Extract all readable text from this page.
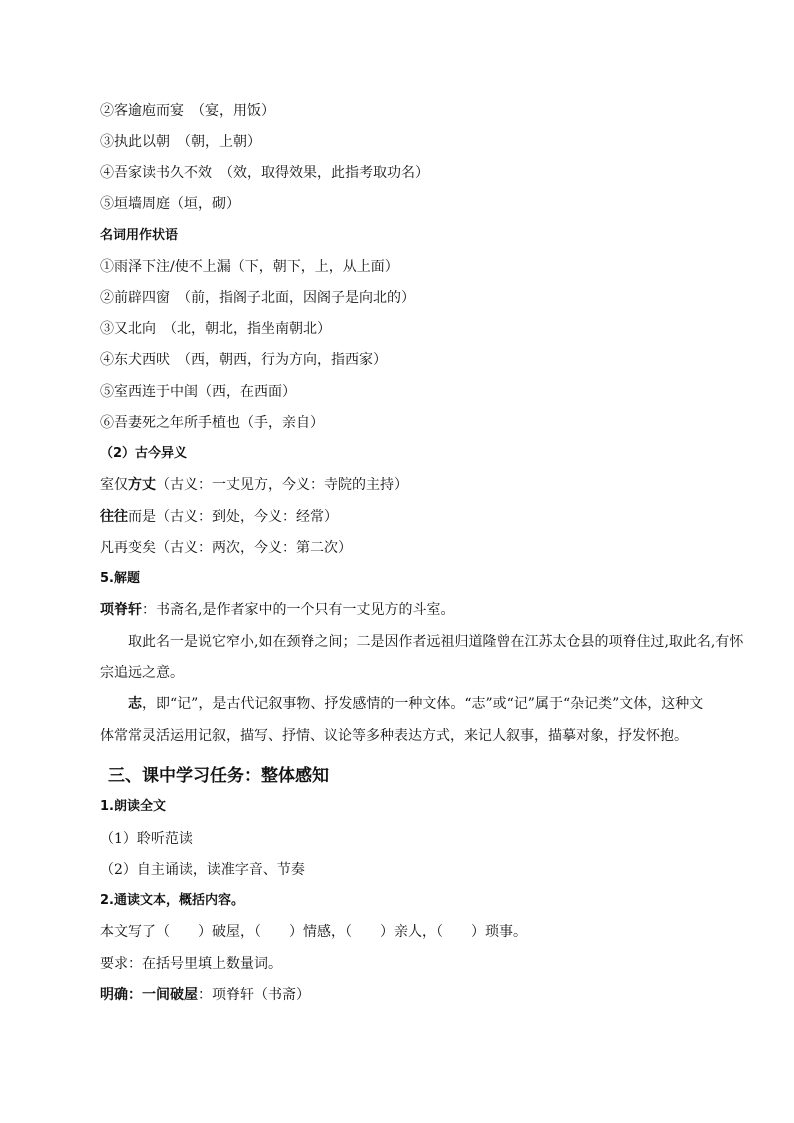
②客逾庖而宴　（宴，用饭）
③执此以朝　（朝，上朝）
④吾家读书久不效　（效，取得效果，此指考取功名）
⑤垣墙周庭（垣，砌）
名词用作状语
①雨泽下注/使不上漏（下，朝下，上，从上面）
②前辟四窗　（前，指阁子北面，因阁子是向北的）
③又北向　（北，朝北，指坐南朝北）
④东犬西吠　（西，朝西，行为方向，指西家）
⑤室西连于中闺（西，在西面）
⑥吾妻死之年所手植也（手，亲自）
（2）古今异义
室仅方丈（古义：一丈见方，今义：寺院的主持）
往往而是（古义：到处，今义：经常）
凡再变矣（古义：两次，今义：第二次）
5.解题
项脊轩：书斋名,是作者家中的一个只有一丈见方的斗室。
取此名一是说它窄小,如在颈脊之间；二是因作者远祖归道隆曾在江苏太仓县的项脊住过,取此名,有怀
宗追远之意。
志，即“记”，是古代记叙事物、抒发感情的一种文体。“志”或“记”属于“杂记类”文体，这种文
体常常灵活运用记叙，描写、抒情、议论等多种表达方式，来记人叙事，描摹对象，抒发怀抱。
三、课中学习任务：整体感知
1.朗读全文
（1）聆听范读
（2）自主诵读，读准字音、节奏
2.通读文本，概括内容。
本文写了（　　）破屋，（　　）情感，（　　）亲人，（　　）琐事。
要求：在括号里填上数量词。
明确：一间破屋：项脊轩（书斋）
